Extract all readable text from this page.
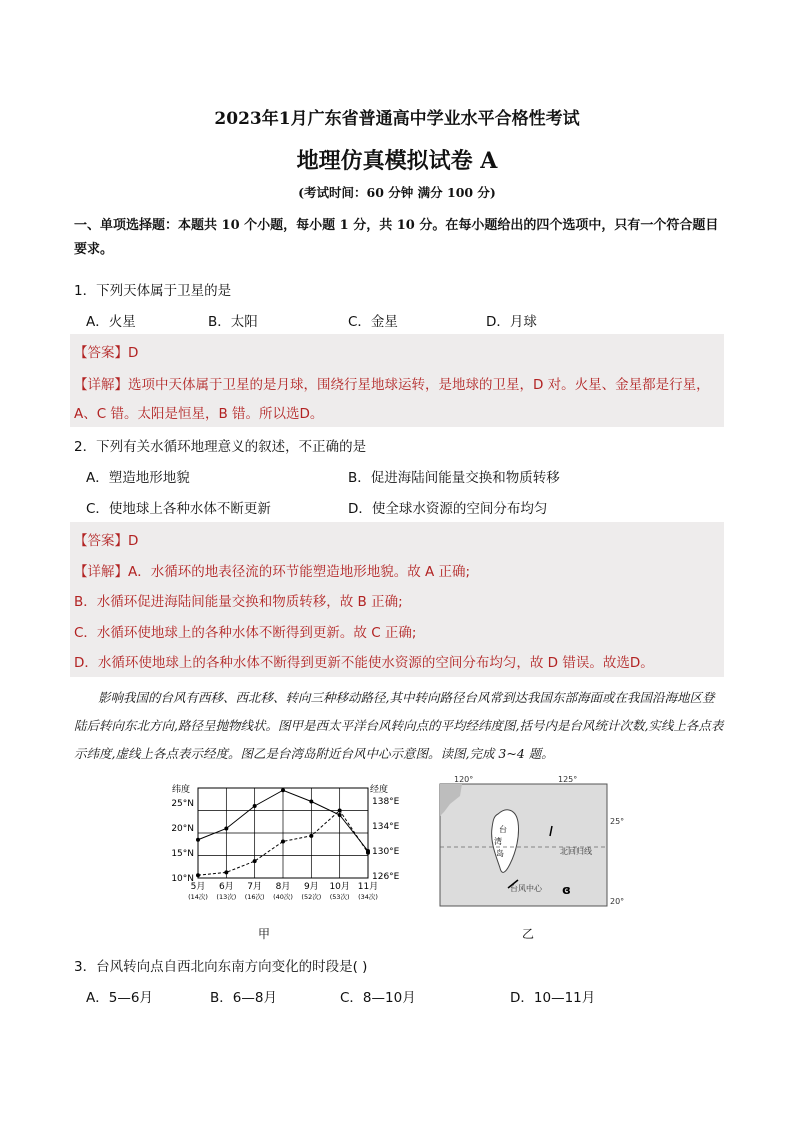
2023年1月广东省普通高中学业水平合格性考试
地理仿真模拟试卷 A
(考试时间：60 分钟 满分 100 分)
一、单项选择题：本题共 10 个小题，每小题 1 分，共 10 分。在每小题给出的四个选项中，只有一个符合题目要求。
1．下列天体属于卫星的是
A．火星	B．太阳	C．金星	D．月球
【答案】D
【详解】选项中天体属于卫星的是月球，围绕行星地球运转，是地球的卫星，D 对。火星、金星都是行星，
A、C 错。太阳是恒星，B 错。所以选D。
2．下列有关水循环地理意义的叙述，不正确的是
A．塑造地形地貌	B．促进海陆间能量交换和物质转移
C．使地球上各种水体不断更新	D．使全球水资源的空间分布均匀
【答案】D
【详解】A．水循环的地表径流的环节能塑造地形地貌。故 A 正确;
B．水循环促进海陆间能量交换和物质转移，故 B 正确;
C．水循环使地球上的各种水体不断得到更新。故 C 正确;
D．水循环使地球上的各种水体不断得到更新不能使水资源的空间分布均匀，故 D 错误。故选D。
影响我国的台风有西移、西北移、转向三种移动路径,其中转向路径台风常到达我国东部海面或在我国沿海地区登陆后转向东北方向,路径呈抛物线状。图甲是西太平洋台风转向点的平均经纬度图,括号内是台风统计次数,实线上各点表示纬度,虚线上各点表示经度。图乙是台湾岛附近台风中心示意图。读图,完成 3~4 题。
纬度	经度
25°N
20°N
15°N
10°N
138°E
134°E
130°E
126°E
5月
(14次)
6月
(13次)
7月
(16次)
8月
(40次)
9月
(52次)
10月
(53次)
11月
(34次)
甲
ɞ
120°	125°
25°
20°
台
湾
岛	北回归线
台风中心
乙
3．台风转向点自西北向东南方向变化的时段是( )
A．5—6月	B．6—8月	C．8—10月	D．10—11月
